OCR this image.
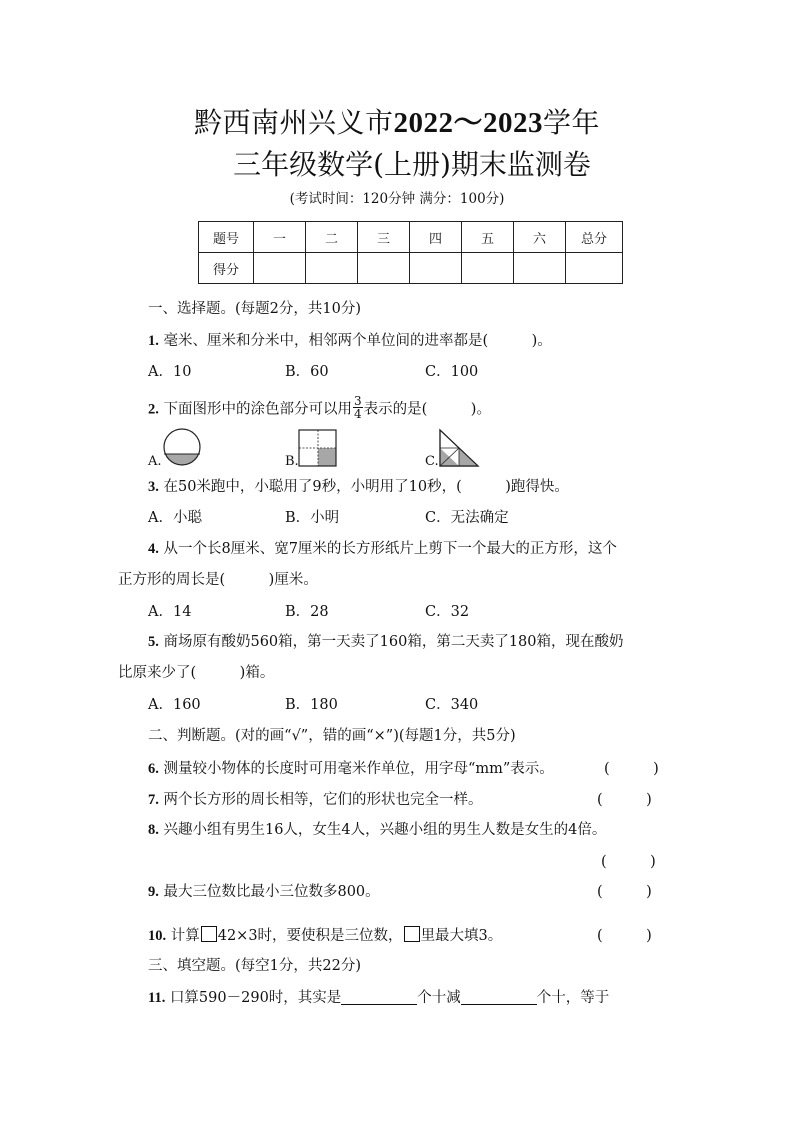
黔西南州兴义市2022～2023学年
三年级数学(上册)期末监测卷
(考试时间：120分钟 满分：100分)
题号	一	二	三	四	五	六	总分
得分							
一、选择题。(每题2分，共10分)
1. 毫米、厘米和分米中，相邻两个单位间的进率都是(　　　)。
A．10	B．60	C．100
2. 下面图形中的涂色部分可以用 $\frac{3}{4}$ 表示的是(　　　)。
A.	B.	C.
3. 在50米跑中，小聪用了9秒，小明用了10秒，(　　　)跑得快。
A．小聪	B．小明	C．无法确定
4. 从一个长8厘米、宽7厘米的长方形纸片上剪下一个最大的正方形，这个
正方形的周长是(　　　)厘米。
A．14	B．28	C．32
5. 商场原有酸奶560箱，第一天卖了160箱，第二天卖了180箱，现在酸奶
比原来少了(　　　)箱。
A．160	B．180	C．340
二、判断题。(对的画“√”，错的画“×”)(每题1分，共5分)
6. 测量较小物体的长度时可用毫米作单位，用字母“mm”表示。	(　　　)
7. 两个长方形的周长相等，它们的形状也完全一样。	(　　　)
8. 兴趣小组有男生16人，女生4人，兴趣小组的男生人数是女生的4倍。
(　　　)
9. 最大三位数比最小三位数多800。	(　　　)
10. 计算 42×3时，要使积是三位数， 里最大填3。	(　　　)
三、填空题。(每空1分，共22分)
11. 口算590－290时，其实是	个十减	个十，等于
